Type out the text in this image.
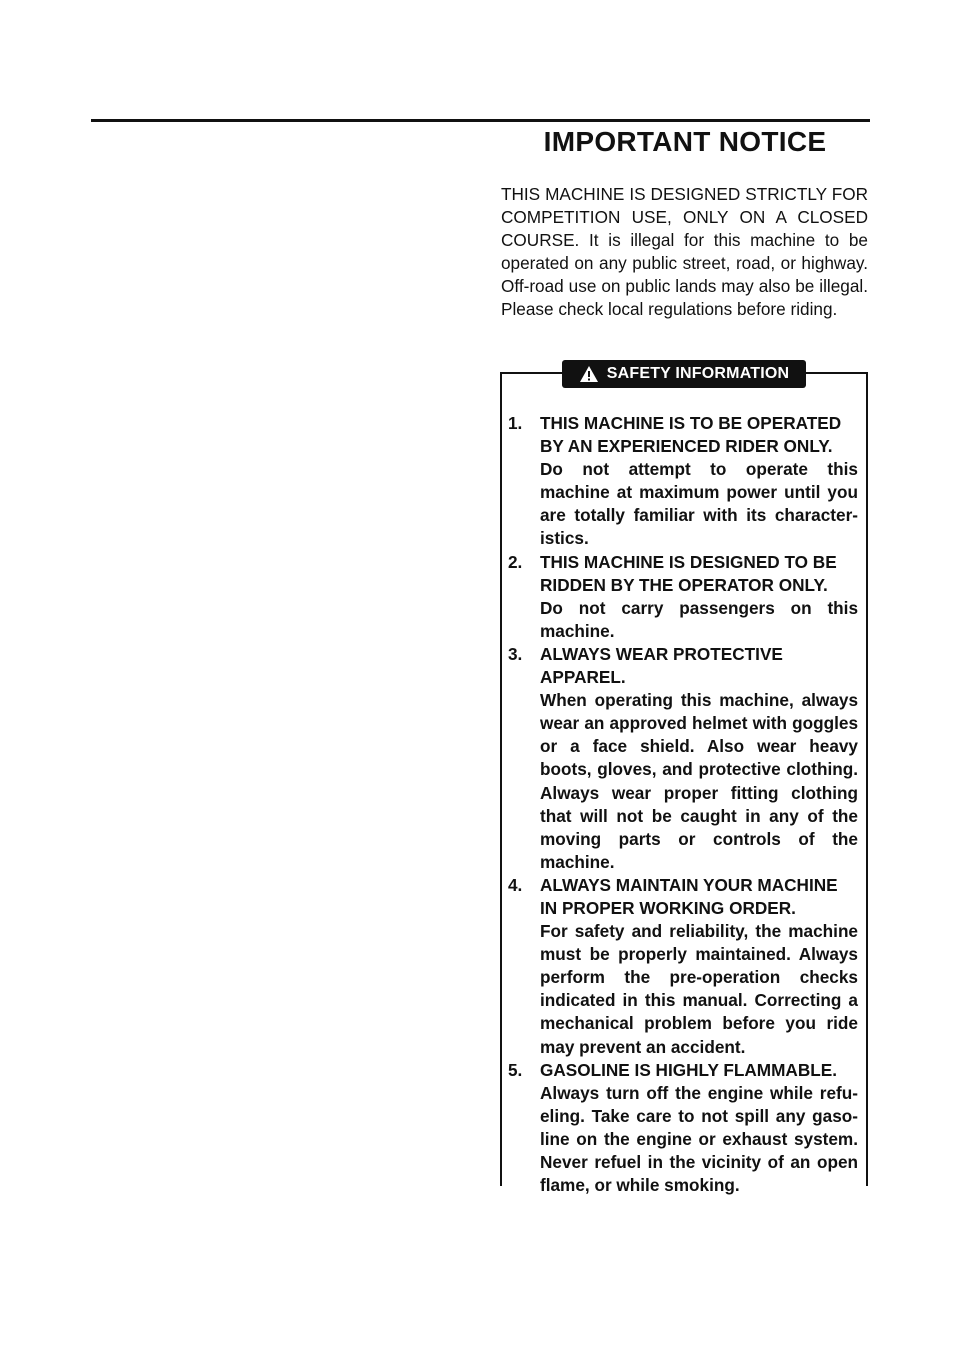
IMPORTANT NOTICE

THIS MACHINE IS DESIGNED STRICTLY FOR COMPETITION USE, ONLY ON A CLOSED COURSE. It is illegal for this machine to be operated on any public street, road, or highway. Off-road use on public lands may also be illegal. Please check local regulations before riding.

SAFETY INFORMATION
1. THIS MACHINE IS TO BE OPERATED BY AN EXPERIENCED RIDER ONLY.
Do not attempt to operate this machine at maximum power until you are totally familiar with its characteristics.
2. THIS MACHINE IS DESIGNED TO BE RIDDEN BY THE OPERATOR ONLY.
Do not carry passengers on this machine.
3. ALWAYS WEAR PROTECTIVE APPAREL.
When operating this machine, always wear an approved helmet with goggles or a face shield. Also wear heavy boots, gloves, and protective clothing. Always wear proper fitting clothing that will not be caught in any of the moving parts or controls of the machine.
4. ALWAYS MAINTAIN YOUR MACHINE IN PROPER WORKING ORDER.
For safety and reliability, the machine must be properly maintained. Always perform the pre-operation checks indicated in this manual. Correcting a mechanical problem before you ride may prevent an accident.
5. GASOLINE IS HIGHLY FLAMMABLE.
Always turn off the engine while refueling. Take care to not spill any gasoline on the engine or exhaust system. Never refuel in the vicinity of an open flame, or while smoking.
